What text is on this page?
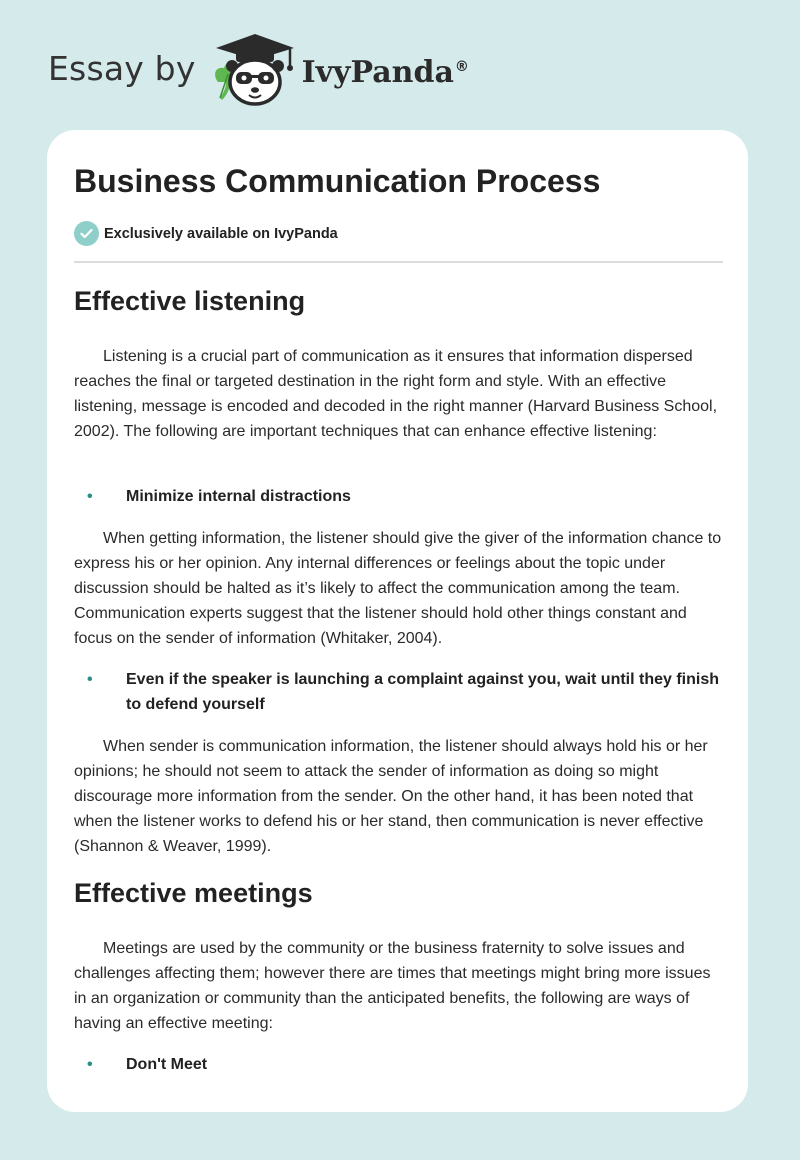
Essay by	IvyPanda®
Business Communication Process
Exclusively available on IvyPanda
Effective listening

Listening is a crucial part of communication as it ensures that information dispersed reaches the final or targeted destination in the right form and style. With an effective listening, message is encoded and decoded in the right manner (Harvard Business School, 2002). The following are important techniques that can enhance effective listening:

• Minimize internal distractions

When getting information, the listener should give the giver of the information chance to express his or her opinion. Any internal differences or feelings about the topic under discussion should be halted as it’s likely to affect the communication among the team. Communication experts suggest that the listener should hold other things constant and focus on the sender of information (Whitaker, 2004).

• Even if the speaker is launching a complaint against you, wait until they finish to defend yourself

When sender is communication information, the listener should always hold his or her opinions; he should not seem to attack the sender of information as doing so might discourage more information from the sender. On the other hand, it has been noted that when the listener works to defend his or her stand, then communication is never effective (Shannon & Weaver, 1999).

Effective meetings

Meetings are used by the community or the business fraternity to solve issues and challenges affecting them; however there are times that meetings might bring more issues in an organization or community than the anticipated benefits, the following are ways of having an effective meeting:

• Don't Meet
